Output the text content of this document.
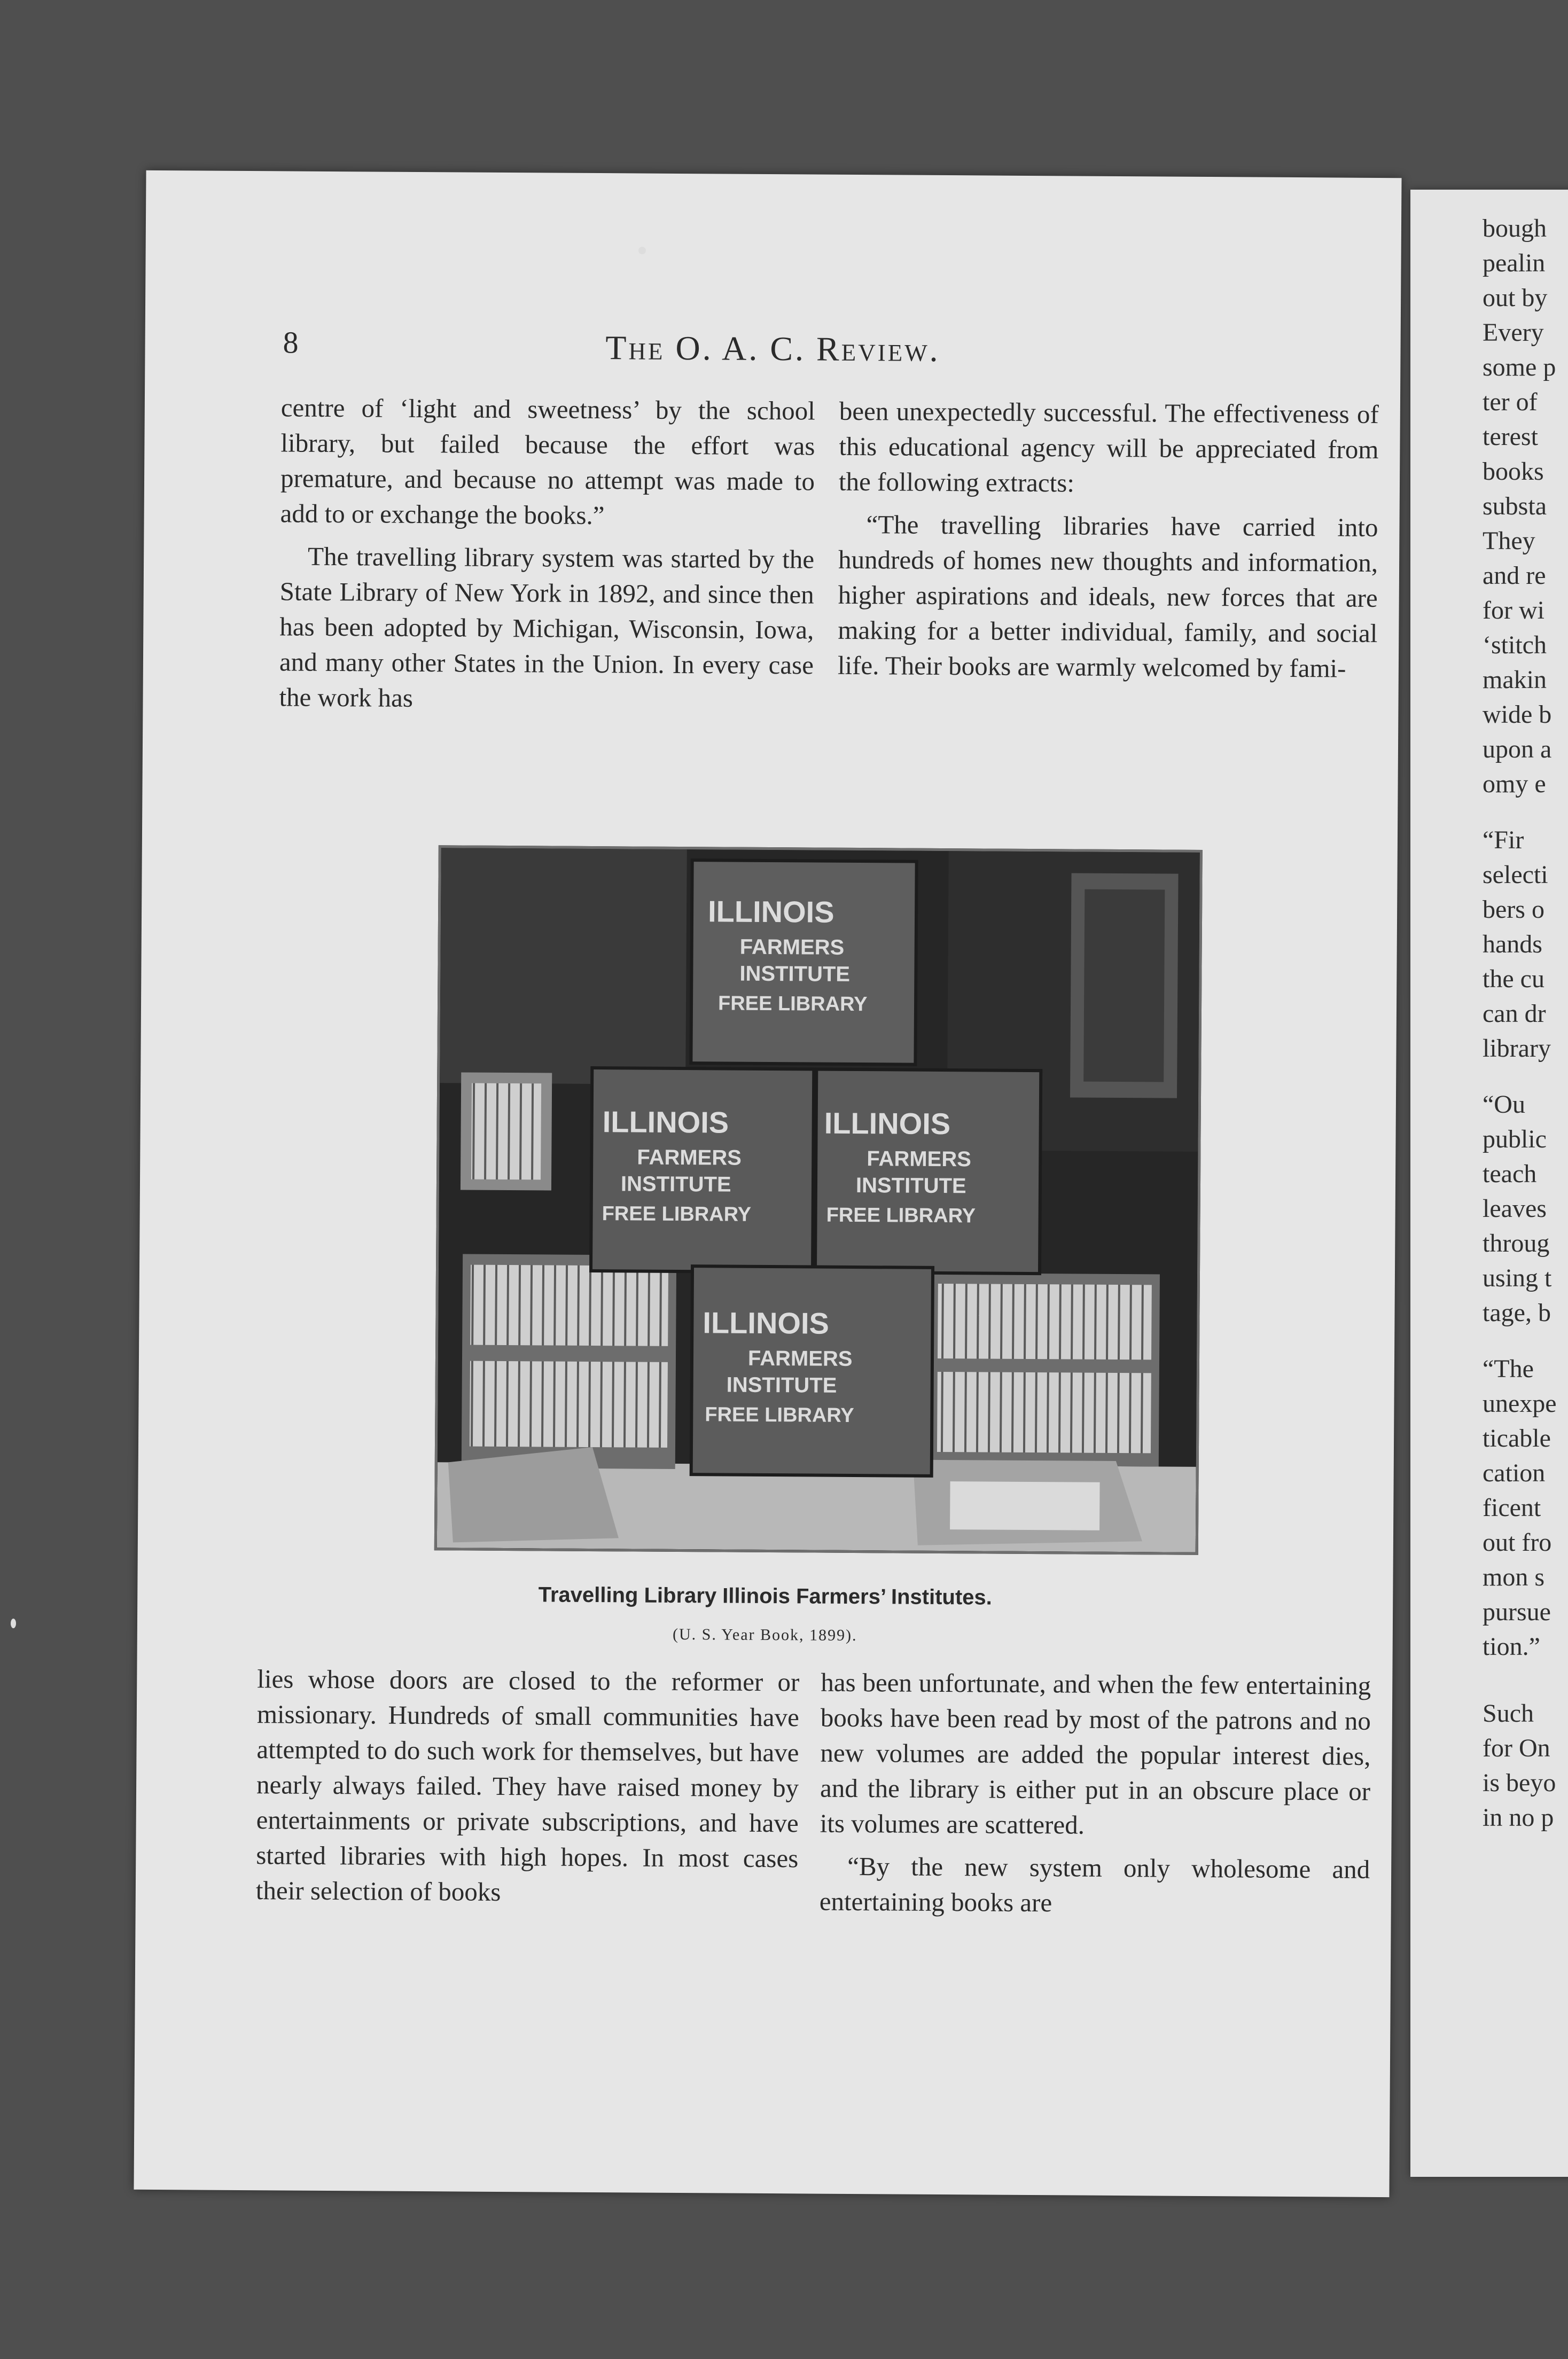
bough
pealin
out by
Every
some p
ter of
terest
books
substa
They
and re
for wi
‘stitch
makin
wide b
upon a
omy e
“Fir
selecti
bers o
hands
the cu
can dr
library
“Ou
public
teach
leaves
throug
using t
tage, b
“The
unexpe
ticable
cation
ficent
out fro
mon s
pursue
tion.”
Such
for On
is beyo
in no p
8	The O. A. C. Review.

centre of ‘light and sweetness’ by the school library, but failed because the effort was premature, and because no attempt was made to add to or exchange the books.”

The travelling library system was started by the State Library of New York in 1892, and since then has been adopted by Michigan, Wisconsin, Iowa, and many other States in the Union. In every case the work has

been unexpectedly successful. The effectiveness of this educational agency will be appreciated from the following extracts:

“The travelling libraries have carried into hundreds of homes new thoughts and information, higher aspirations and ideals, new forces that are making for a better individual, family, and social life. Their books are warmly welcomed by fami-

ILLINOIS
FARMERS
INSTITUTE
FREE LIBRARY
ILLINOIS
FARMERS
INSTITUTE
FREE LIBRARY
ILLINOIS
FARMERS
INSTITUTE
FREE LIBRARY
ILLINOIS
FARMERS
INSTITUTE
FREE LIBRARY
Travelling Library Illinois Farmers’ Institutes.
(U. S. Year Book, 1899).

lies whose doors are closed to the reformer or missionary. Hundreds of small communities have attempted to do such work for themselves, but have nearly always failed. They have raised money by entertainments or private subscriptions, and have started libraries with high hopes. In most cases their selection of books

has been unfortunate, and when the few entertaining books have been read by most of the patrons and no new volumes are added the popular interest dies, and the library is either put in an obscure place or its volumes are scattered.

“By the new system only wholesome and entertaining books are
